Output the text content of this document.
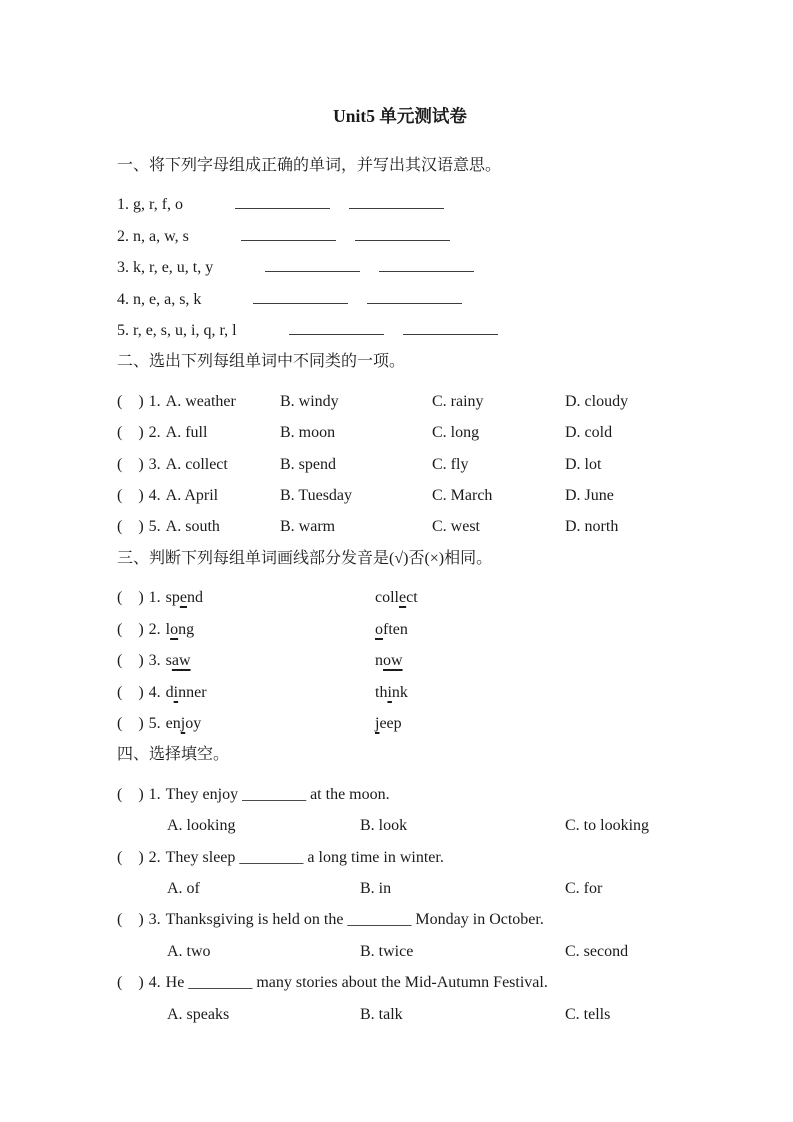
Unit5 单元测试卷
一、将下列字母组成正确的单词，并写出其汉语意思。
1. g, r, f, o
2. n, a, w, s
3. k, r, e, u, t, y
4. n, e, a, s, k
5. r, e, s, u, i, q, r, l
二、选出下列每组单词中不同类的一项。
(    ) 1. A. weather	B. windy	C. rainy	D. cloudy
(    ) 2. A. full	B. moon	C. long	D. cold
(    ) 3. A. collect	B. spend	C. fly	D. lot
(    ) 4. A. April	B. Tuesday	C. March	D. June
(    ) 5. A. south	B. warm	C. west	D. north
三、判断下列每组单词画线部分发音是(√)否(×)相同。
(    ) 1. spend	collect
(    ) 2. long	often
(    ) 3. saw	now
(    ) 4. dinner	think
(    ) 5. enjoy	jeep
四、选择填空。
(    ) 1. They enjoy ________ at the moon.
A. looking	B. look	C. to looking
(    ) 2. They sleep ________ a long time in winter.
A. of	B. in	C. for
(    ) 3. Thanksgiving is held on the ________ Monday in October.
A. two	B. twice	C. second
(    ) 4. He ________ many stories about the Mid-Autumn Festival.
A. speaks	B. talk	C. tells
